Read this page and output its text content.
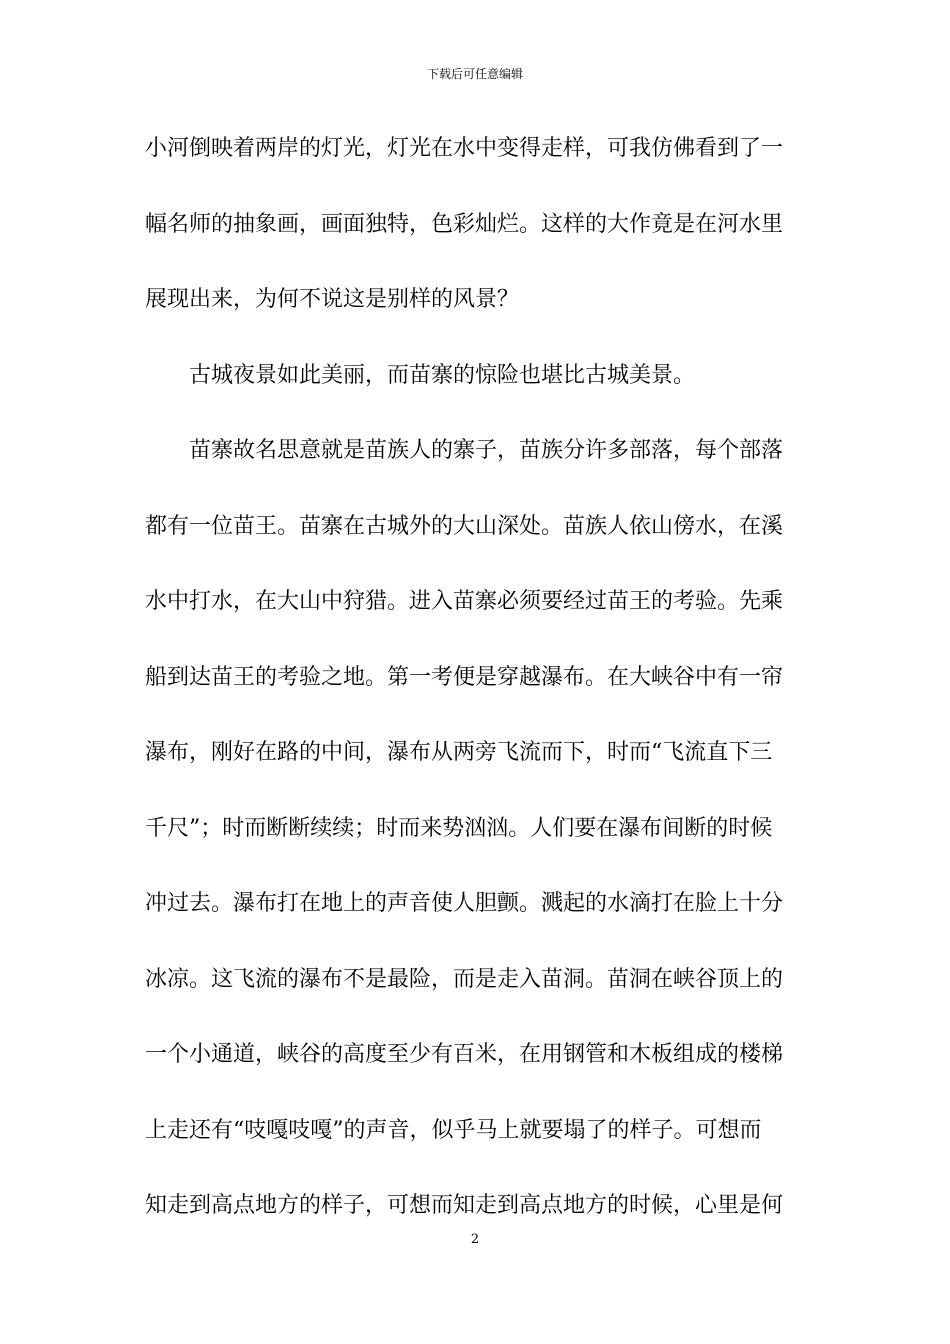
下载后可任意编辑
小河倒映着两岸的灯光，灯光在水中变得走样，可我仿佛看到了一
幅名师的抽象画，画面独特，色彩灿烂。这样的大作竟是在河水里
展现出来，为何不说这是别样的风景？
古城夜景如此美丽，而苗寨的惊险也堪比古城美景。
苗寨故名思意就是苗族人的寨子，苗族分许多部落，每个部落
都有一位苗王。苗寨在古城外的大山深处。苗族人依山傍水，在溪
水中打水，在大山中狩猎。进入苗寨必须要经过苗王的考验。先乘
船到达苗王的考验之地。第一考便是穿越瀑布。在大峡谷中有一帘
瀑布，刚好在路的中间，瀑布从两旁飞流而下，时而“飞流直下三
千尺”；时而断断续续；时而来势汹汹。人们要在瀑布间断的时候
冲过去。瀑布打在地上的声音使人胆颤。溅起的水滴打在脸上十分
冰凉。这飞流的瀑布不是最险，而是走入苗洞。苗洞在峡谷顶上的
一个小通道，峡谷的高度至少有百米，在用钢管和木板组成的楼梯
上走还有“吱嘎吱嘎”的声音，似乎马上就要塌了的样子。可想而
知走到高点地方的样子，可想而知走到高点地方的时候，心里是何
2
